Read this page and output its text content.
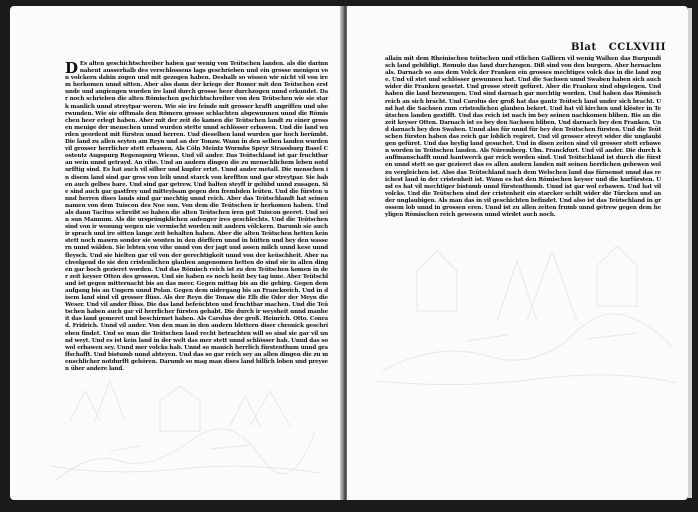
D Es alten geschichtschreiber haben gar wenig von Teütschen landen. als die darinn nahent ausserhalb des verschlossens lags geschrieben und ein grosse menigen von volckern dahin zogen und mit gezogen haben. Deshalb so wissen wir nicht vil von irem herkomen unnd sitten. Aber alss dann der kriege der Romer mit den Teütschen erstunde und angiengen wurden ire land durch grosse heer durchzogen unnd erkundet. Dar noch schrieben die alten Römischen gschichtschreiber von den Teütschen wie sie stark manlich unnd streytpar weren. Wie sie ire feinde mit grosser krafft angriffen und uberwunden. Wie sie offtmals den Römern grosse schlachten abgewunnen unnd die Römischen heer erlegt haben. Aber mit der zeit do kamen die Teütschen landt zu einer grossen menige der menschen unnd wurden stette unnd schlösser erbawen. Und die land wurden geordent mit fürsten unnd herren. Und dieselben land wurden gar hoch berümbt. Die land zu allen seyten am Reyn und an der Tonaw. Wann in den selben landen wurden vil grosser herrlicher stett erbawen. Als Cöln Meintz Wormbs Speyr Strassburg Basel Costentz Augspurg Regenspurg Wienn. Und vil ander. Das Teütschland ist gar fruchtbar an wein unnd getrayd. An vihe. Und an andern dingen die zu menschlichem leben notdurfftig sind. Es hat auch vil silber und kupfer ertzt. Unnd ander metall. Die menschen in disem land sind gar gros von leib unnd starck von krefften und gar streytpar. Sie haben auch gelbes hare. Und sind gar getrew. Und halten steyff ir gelübd unnd zusagen. Sie sind auch gar gastfrey und mitteylsam gegen den frembden leüten. Und die fürsten unnd herren dises lands sind gar mechtig unnd reich. Aber das Teütschlandt hat seinen namen von dem Tuiscon des Noe sun. Von dem die Teütschen ir herkomen haben. Und als dann Tacitus schreibt so haben die alten Teütschen iren got Tuiscon geeret. Und sein sun Mannum. Als die ursprüngklichen anfenger ires geschlechts. Und die Teütschen sind von ir wonung wegen nie vermischt worden mit andern völckern. Darumb sie auch ir sprach und ire sitten lange zeit behalten haben. Aber die alten Teütschen hetten kein stett noch mawrn sonder sie wonten in den dörffern unnd in hütten und bey den wassern unnd wälden. Sie lebten von vihe unnd von der jagt und assen milch unnd kese unnd fleysch. Und sie hielten gar vil von der gerechtigkeit unnd von der keüschheit. Aber nachvolgend do sie den cristenlichen glauben angenomen hetten do sind sie in allen dingen gar hoch gezieret worden. Und das Römisch reich ist zu den Teütschen komen in der zeit keyser Otten des grossen. Und sie haben es noch heüt bey tag inne. Aber Teütschland ist gegen mitternacht bis an das meer. Gegen mittag bis an die gebirg. Gegen dem aufgang bis an Ungern unnd Polan. Gegen dem nidergang bis an Franckreich. Und in disem land sind vil grosser flüss. Als der Reyn die Tonaw die Elb die Oder der Meyn die Weser. Und vil ander flüss. Die das land befeüchten und fruchtbar machen. Und die Teütschen haben auch gar vil herrlicher fürsten gehabt. Die durch ir weysheit unnd manheit das land gemeret und beschirmet haben. Als Carolus der groß. Heinrich. Otto. Conrad. Fridrich. Unnd vil ander. Von den man in den andern blettern diser chronick geschrieben findet. Und so man die Teütschen land recht betrachten will so sind sie gar vil unnd weyt. Und es ist kein land in der welt das mer stett unnd schlösser hab. Unnd das so wol erbawen sey. Unnd mer volcks hab. Unnd so manich herrlich fürstenthum unnd graffschafft. Und bistumb unnd abteyen. Und das so gar reich sey an allen dingen die zu menschlicher notdurfft gehören. Darumb so mag man dises land billich loben und preysen über andere land.
Blat CCLXVIII
allain mit dem Rheinischen teütschen und etlichen Galliern vil wenig Walhen das Burgundisch land gebildigt. Romulo das land durchzogen. Diß sind von den burgern. Aber hernachmals. Darnach so aus dem Volck der Franken ein grosses mechtiges volck das in die land zoge. Und vil stet und schlösser gewunnen hat. Und die Sachsen unnd Swaben haben sich auch wider die Franken gesetzt. Und grosse streit gefüret. Aber die Franken sind obgelegen. Und haben die land bezwungen. Und sind darnach gar mechtig worden. Und haben das Römisch reich an sich bracht. Und Carolus der groß hat das gantz Teütsch land under sich bracht. Und hat die Sachsen zum cristenlichen glauben bekert. Und hat vil kirchen und klöster in Teütschen landen gestifft. Und das reich ist nach im bey seinen nachkomen bliben. Bis an die zeit keyser Otten. Darnach ist es bey den Sachsen bliben. Und darnach bey den Franken. Und darnach bey den Swaben. Unnd also für unnd für bey den Teütschen fürsten. Und die Teütschen fürsten haben das reich gar loblich regiret. Und vil grosser streyt wider die unglaubigen gefüret. Und das heylig land gesuchet. Und in disen zeiten sind vil grosser stett erbawen worden in Teütschen landen. Als Nüremberg. Ulm. Franckfurt. Und vil ander. Die durch kauffmanschafft unnd hantwerck gar reich worden sind. Und Teütschland ist durch die fürsten unnd stett so gar gezieret das es allen andern landen mit seinen herrlichen gebewen wol zu vergleichen ist. Also das Teütschland nach dem Welschen land das fürnemst unnd das reichest land in der cristenheit ist. Wann es hat den Römischen keyser und die kurfürsten. Und es hat vil mechtiger bistumb unnd fürstenthumb. Unnd ist gar wol erbawen. Und hat vil volcks. Und die Teütschen sind der cristenheit ein starcker schilt wider die Türcken und ander unglaubigen. Als man das in vil geschichten befindet. Und also ist das Teütschland in grossem lob unnd in grossen eren. Unnd ist zu allen zeiten frumb unnd getrew gegen dem heyligen Römischen reich gewesen unnd wirdet auch noch.
